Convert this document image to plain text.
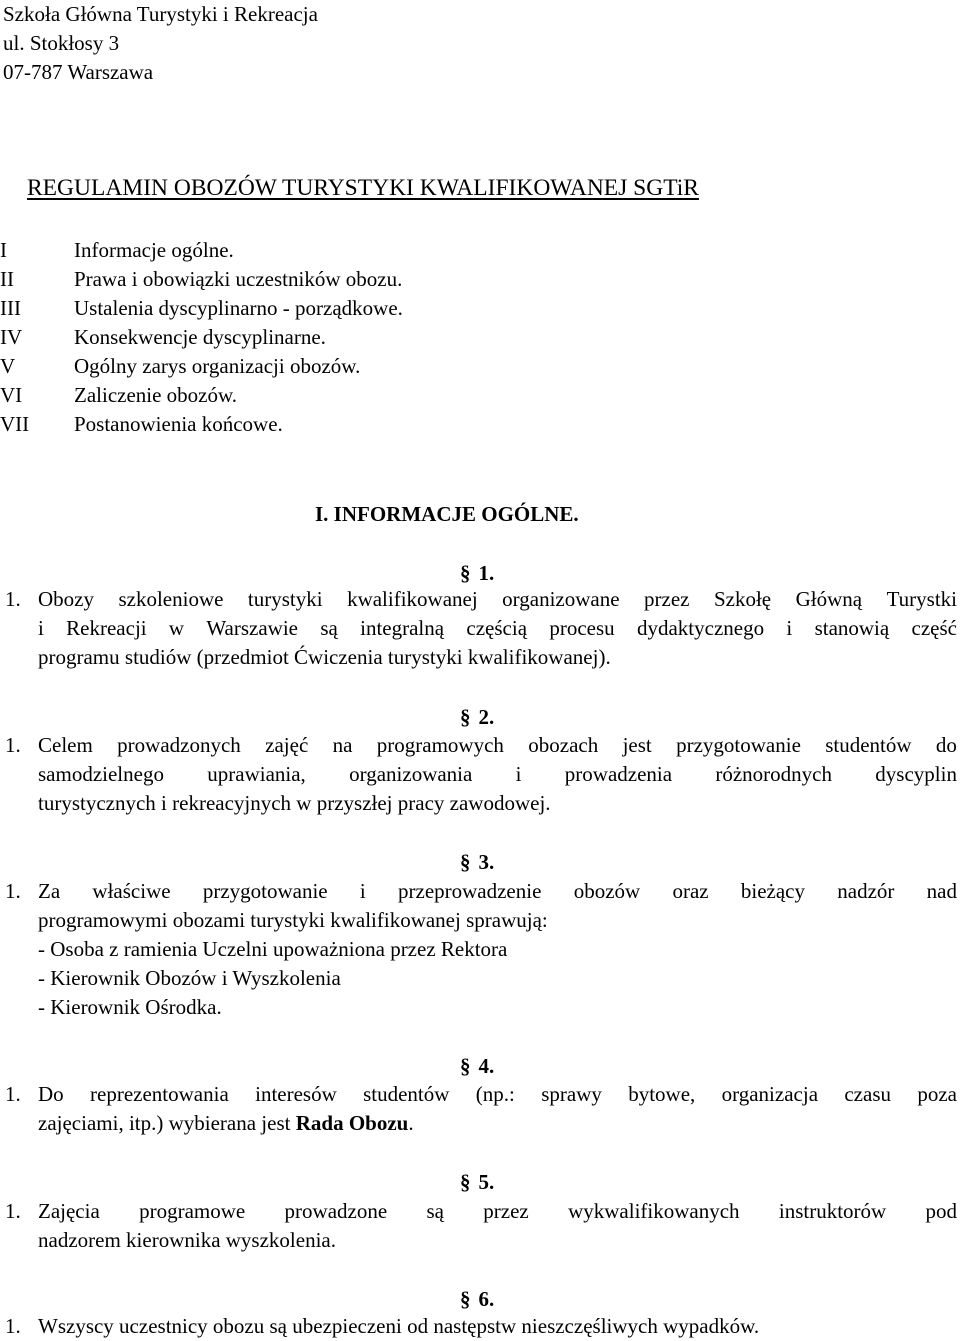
Szkoła Główna Turystyki i Rekreacja
ul. Stokłosy 3
07-787 Warszawa
REGULAMIN OBOZÓW TURYSTYKI KWALIFIKOWANEJ SGTiR
I	Informacje ogólne.
II	Prawa i obowiązki uczestników obozu.
III	Ustalenia dyscyplinarno - porządkowe.
IV Konsekwencje dyscyplinarne.
V	Ogólny zarys organizacji obozów.
VI Zaliczenie obozów.
VII Postanowienia końcowe.
I. INFORMACJE OGÓLNE.
§ 1.
1. Obozy szkoleniowe turystyki kwalifikowanej organizowane przez Szkołę Główną Turystki
i Rekreacji w Warszawie są integralną częścią procesu dydaktycznego i stanowią część
programu studiów (przedmiot Ćwiczenia turystyki kwalifikowanej).
§ 2.
1. Celem prowadzonych zajęć na programowych obozach jest przygotowanie studentów do
samodzielnego uprawiania, organizowania i prowadzenia różnorodnych dyscyplin
turystycznych i rekreacyjnych w przyszłej pracy zawodowej.
§ 3.
1. Za właściwe przygotowanie i przeprowadzenie obozów oraz bieżący nadzór nad
programowymi obozami turystyki kwalifikowanej sprawują:
- Osoba z ramienia Uczelni upoważniona przez Rektora
- Kierownik Obozów i Wyszkolenia
- Kierownik Ośrodka.
§ 4.
1. Do reprezentowania interesów studentów (np.: sprawy bytowe, organizacja czasu poza
zajęciami, itp.) wybierana jest Rada Obozu.
§ 5.
1. Zajęcia programowe prowadzone są przez wykwalifikowanych instruktorów pod
nadzorem kierownika wyszkolenia.
§ 6.
1. Wszyscy uczestnicy obozu są ubezpieczeni od następstw nieszczęśliwych wypadków.
